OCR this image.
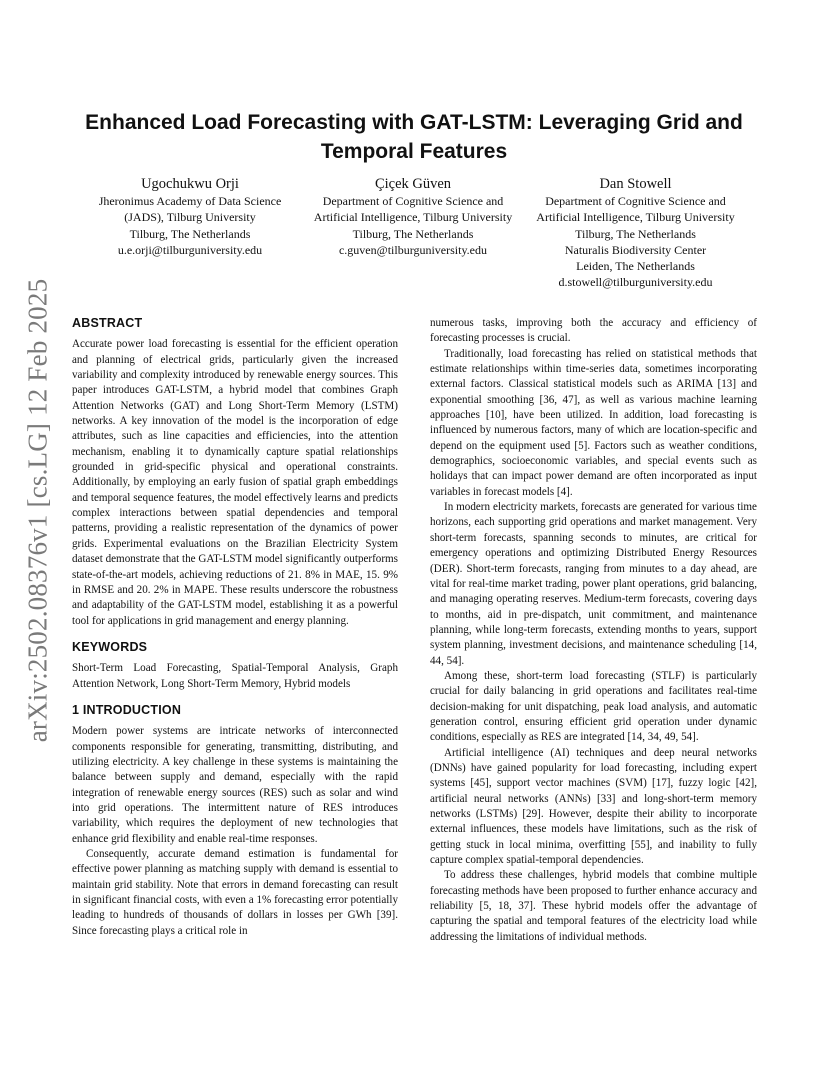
arXiv:2502.08376v1 [cs.LG] 12 Feb 2025
Enhanced Load Forecasting with GAT-LSTM: Leveraging Grid and Temporal Features
Ugochukwu Orji
Jheronimus Academy of Data Science (JADS), Tilburg University
Tilburg, The Netherlands
u.e.orji@tilburguniversity.edu
Çiçek Güven
Department of Cognitive Science and Artificial Intelligence, Tilburg University
Tilburg, The Netherlands
c.guven@tilburguniversity.edu
Dan Stowell
Department of Cognitive Science and Artificial Intelligence, Tilburg University
Tilburg, The Netherlands
Naturalis Biodiversity Center
Leiden, The Netherlands
d.stowell@tilburguniversity.edu
ABSTRACT

Accurate power load forecasting is essential for the efficient operation and planning of electrical grids, particularly given the increased variability and complexity introduced by renewable energy sources. This paper introduces GAT-LSTM, a hybrid model that combines Graph Attention Networks (GAT) and Long Short-Term Memory (LSTM) networks. A key innovation of the model is the incorporation of edge attributes, such as line capacities and efficiencies, into the attention mechanism, enabling it to dynamically capture spatial relationships grounded in grid-specific physical and operational constraints. Additionally, by employing an early fusion of spatial graph embeddings and temporal sequence features, the model effectively learns and predicts complex interactions between spatial dependencies and temporal patterns, providing a realistic representation of the dynamics of power grids. Experimental evaluations on the Brazilian Electricity System dataset demonstrate that the GAT-LSTM model significantly outperforms state-of-the-art models, achieving reductions of 21. 8% in MAE, 15. 9% in RMSE and 20. 2% in MAPE. These results underscore the robustness and adaptability of the GAT-LSTM model, establishing it as a powerful tool for applications in grid management and energy planning.

KEYWORDS

Short-Term Load Forecasting, Spatial-Temporal Analysis, Graph Attention Network, Long Short-Term Memory, Hybrid models

1 INTRODUCTION

Modern power systems are intricate networks of interconnected components responsible for generating, transmitting, distributing, and utilizing electricity. A key challenge in these systems is maintaining the balance between supply and demand, especially with the rapid integration of renewable energy sources (RES) such as solar and wind into grid operations. The intermittent nature of RES introduces variability, which requires the deployment of new technologies that enhance grid flexibility and enable real-time responses.

Consequently, accurate demand estimation is fundamental for effective power planning as matching supply with demand is essential to maintain grid stability. Note that errors in demand forecasting can result in significant financial costs, with even a 1% forecasting error potentially leading to hundreds of thousands of dollars in losses per GWh [39]. Since forecasting plays a critical role in

numerous tasks, improving both the accuracy and efficiency of forecasting processes is crucial.

Traditionally, load forecasting has relied on statistical methods that estimate relationships within time-series data, sometimes incorporating external factors. Classical statistical models such as ARIMA [13] and exponential smoothing [36, 47], as well as various machine learning approaches [10], have been utilized. In addition, load forecasting is influenced by numerous factors, many of which are location-specific and depend on the equipment used [5]. Factors such as weather conditions, demographics, socioeconomic variables, and special events such as holidays that can impact power demand are often incorporated as input variables in forecast models [4].

In modern electricity markets, forecasts are generated for various time horizons, each supporting grid operations and market management. Very short-term forecasts, spanning seconds to minutes, are critical for emergency operations and optimizing Distributed Energy Resources (DER). Short-term forecasts, ranging from minutes to a day ahead, are vital for real-time market trading, power plant operations, grid balancing, and managing operating reserves. Medium-term forecasts, covering days to months, aid in pre-dispatch, unit commitment, and maintenance planning, while long-term forecasts, extending months to years, support system planning, investment decisions, and maintenance scheduling [14, 44, 54].

Among these, short-term load forecasting (STLF) is particularly crucial for daily balancing in grid operations and facilitates real-time decision-making for unit dispatching, peak load analysis, and automatic generation control, ensuring efficient grid operation under dynamic conditions, especially as RES are integrated [14, 34, 49, 54].

Artificial intelligence (AI) techniques and deep neural networks (DNNs) have gained popularity for load forecasting, including expert systems [45], support vector machines (SVM) [17], fuzzy logic [42], artificial neural networks (ANNs) [33] and long-short-term memory networks (LSTMs) [29]. However, despite their ability to incorporate external influences, these models have limitations, such as the risk of getting stuck in local minima, overfitting [55], and inability to fully capture complex spatial-temporal dependencies.

To address these challenges, hybrid models that combine multiple forecasting methods have been proposed to further enhance accuracy and reliability [5, 18, 37]. These hybrid models offer the advantage of capturing the spatial and temporal features of the electricity load while addressing the limitations of individual methods.
